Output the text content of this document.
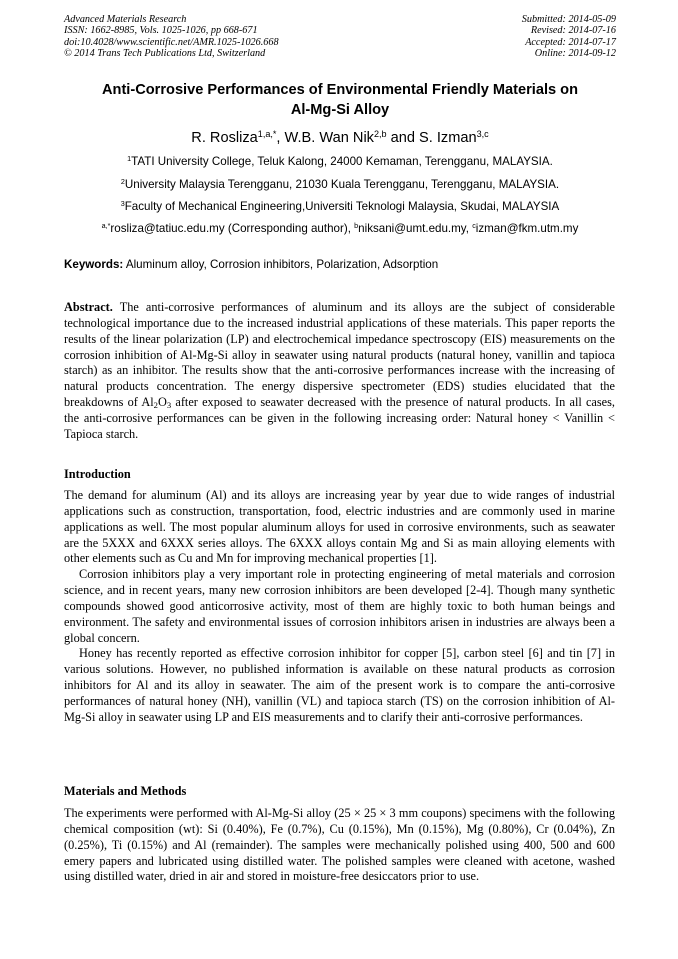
Advanced Materials Research
ISSN: 1662-8985, Vols. 1025-1026, pp 668-671
doi:10.4028/www.scientific.net/AMR.1025-1026.668
© 2014 Trans Tech Publications Ltd, Switzerland
Submitted: 2014-05-09
Revised: 2014-07-16
Accepted: 2014-07-17
Online: 2014-09-12
Anti-Corrosive Performances of Environmental Friendly Materials on
Al-Mg-Si Alloy
R. Rosliza$^{1,a,*}$, W.B. Wan Nik$^{2,b}$ and S. Izman$^{3,c}$
$^1$TATI University College, Teluk Kalong, 24000 Kemaman, Terengganu, MALAYSIA.
$^2$University Malaysia Terengganu, 21030 Kuala Terengganu, Terengganu, MALAYSIA.
$^3$Faculty of Mechanical Engineering,Universiti Teknologi Malaysia, Skudai, MALAYSIA
$^{a,*}$rosliza@tatiuc.edu.my (Corresponding author), $^b$niksani@umt.edu.my, $^c$izman@fkm.utm.my
Keywords: Aluminum alloy, Corrosion inhibitors, Polarization, Adsorption

Abstract. The anti-corrosive performances of aluminum and its alloys are the subject of considerable technological importance due to the increased industrial applications of these materials. This paper reports the results of the linear polarization (LP) and electrochemical impedance spectroscopy (EIS) measurements on the corrosion inhibition of Al-Mg-Si alloy in seawater using natural products (natural honey, vanillin and tapioca starch) as an inhibitor. The results show that the anti-corrosive performances increase with the increasing of natural products concentration. The energy dispersive spectrometer (EDS) studies elucidated that the breakdowns of $Al_2O_3$ after exposed to seawater decreased with the presence of natural products. In all cases, the anti-corrosive performances can be given in the following increasing order: Natural honey < Vanillin < Tapioca starch.

Introduction

The demand for aluminum (Al) and its alloys are increasing year by year due to wide ranges of industrial applications such as construction, transportation, food, electric industries and are commonly used in marine applications as well. The most popular aluminum alloys for used in corrosive environments, such as seawater are the 5XXX and 6XXX series alloys. The 6XXX alloys contain Mg and Si as main alloying elements with other elements such as Cu and Mn for improving mechanical properties [1].

Corrosion inhibitors play a very important role in protecting engineering of metal materials and corrosion science, and in recent years, many new corrosion inhibitors are been developed [2-4]. Though many synthetic compounds showed good anticorrosive activity, most of them are highly toxic to both human beings and environment. The safety and environmental issues of corrosion inhibitors arisen in industries are always been a global concern.

Honey has recently reported as effective corrosion inhibitor for copper [5], carbon steel [6] and tin [7] in various solutions. However, no published information is available on these natural products as corrosion inhibitors for Al and its alloy in seawater. The aim of the present work is to compare the anti-corrosive performances of natural honey (NH), vanillin (VL) and tapioca starch (TS) on the corrosion inhibition of Al-Mg-Si alloy in seawater using LP and EIS measurements and to clarify their anti-corrosive performances.

Materials and Methods

The experiments were performed with Al-Mg-Si alloy (25 × 25 × 3 mm coupons) specimens with the following chemical composition (wt): Si (0.40%), Fe (0.7%), Cu (0.15%), Mn (0.15%), Mg (0.80%), Cr (0.04%), Zn (0.25%), Ti (0.15%) and Al (remainder). The samples were mechanically polished using 400, 500 and 600 emery papers and lubricated using distilled water. The polished samples were cleaned with acetone, washed using distilled water, dried in air and stored in moisture-free desiccators prior to use.
